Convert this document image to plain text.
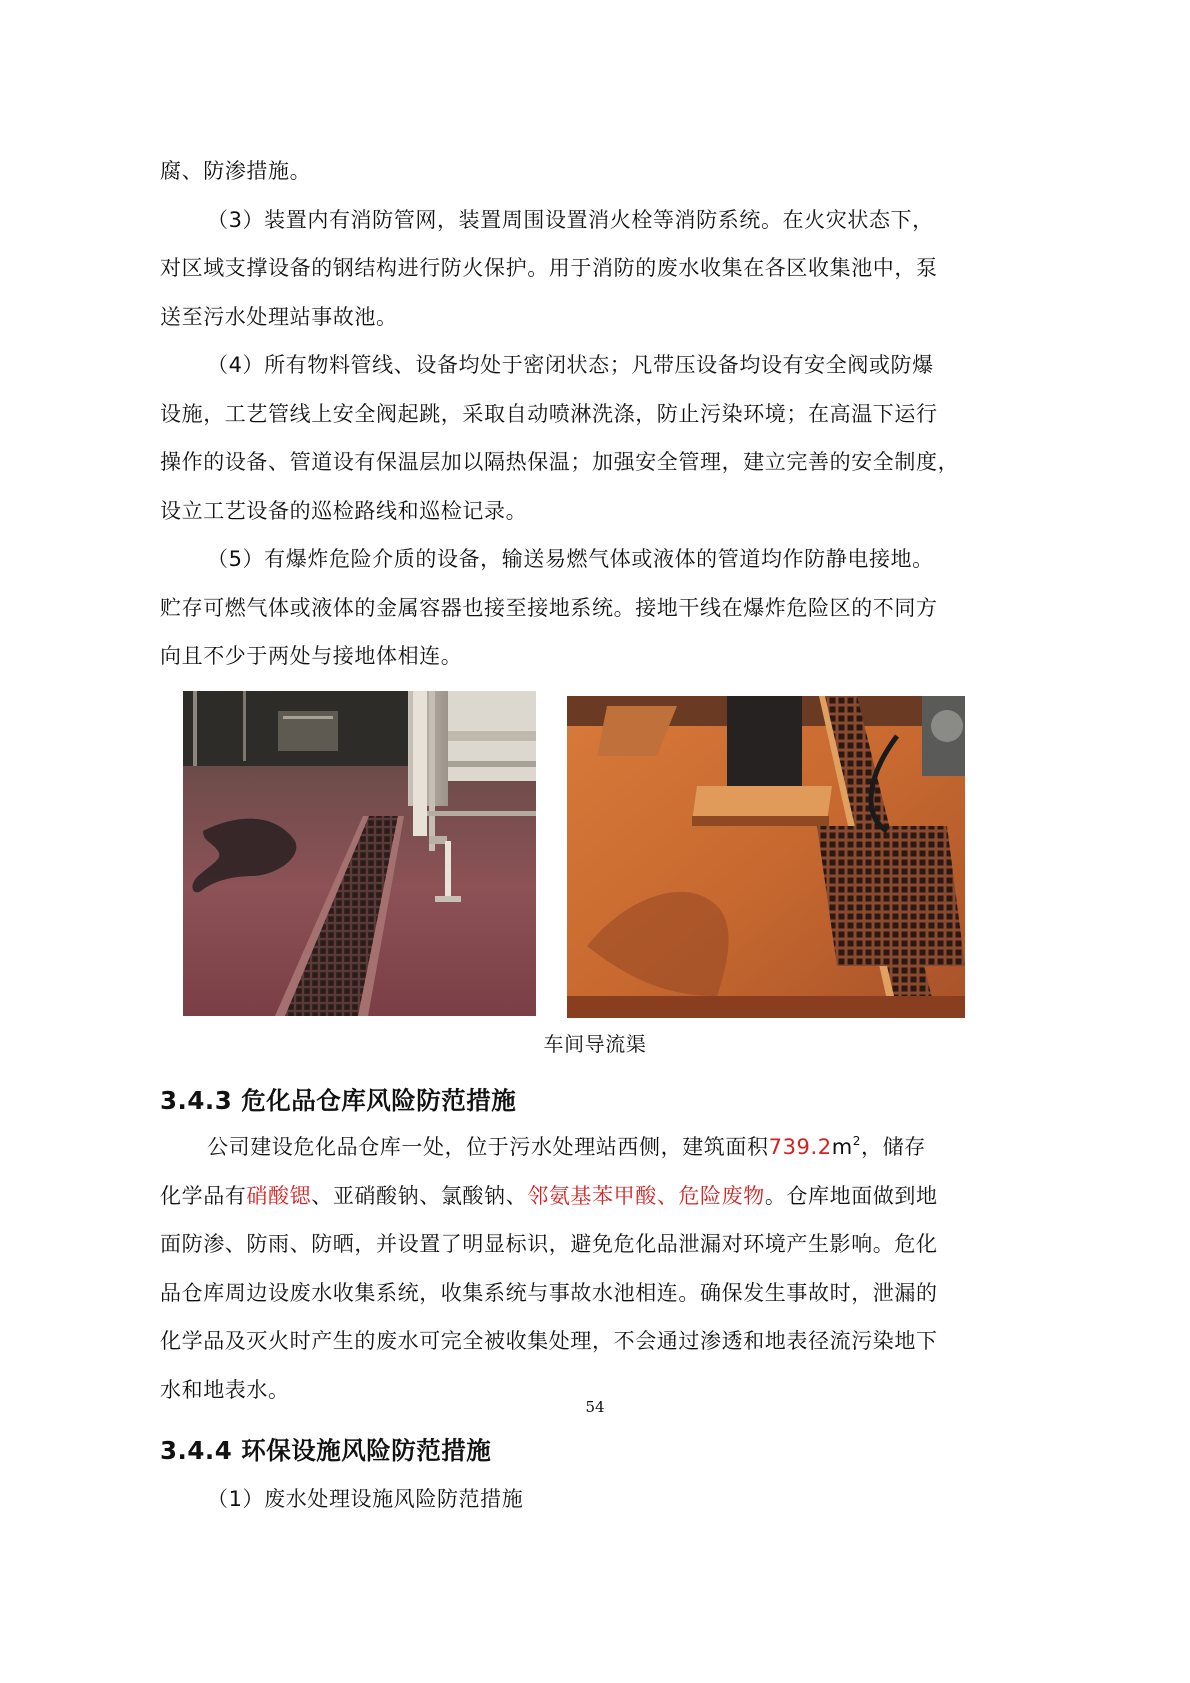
腐、防渗措施。
（3）装置内有消防管网，装置周围设置消火栓等消防系统。在火灾状态下，
对区域支撑设备的钢结构进行防火保护。用于消防的废水收集在各区收集池中，泵
送至污水处理站事故池。
（4）所有物料管线、设备均处于密闭状态；凡带压设备均设有安全阀或防爆
设施，工艺管线上安全阀起跳，采取自动喷淋洗涤，防止污染环境；在高温下运行
操作的设备、管道设有保温层加以隔热保温；加强安全管理，建立完善的安全制度，
设立工艺设备的巡检路线和巡检记录。
（5）有爆炸危险介质的设备，输送易燃气体或液体的管道均作防静电接地。
贮存可燃气体或液体的金属容器也接至接地系统。接地干线在爆炸危险区的不同方
向且不少于两处与接地体相连。
车间导流渠
3.4.3 危化品仓库风险防范措施
公司建设危化品仓库一处，位于污水处理站西侧，建筑面积$739.2m^2$，储存
化学品有硝酸锶、亚硝酸钠、氯酸钠、邻氨基苯甲酸、危险废物。仓库地面做到地
面防渗、防雨、防晒，并设置了明显标识，避免危化品泄漏对环境产生影响。危化
品仓库周边设废水收集系统，收集系统与事故水池相连。确保发生事故时，泄漏的
化学品及灭火时产生的废水可完全被收集处理，不会通过渗透和地表径流污染地下
水和地表水。
54
3.4.4 环保设施风险防范措施
（1）废水处理设施风险防范措施
